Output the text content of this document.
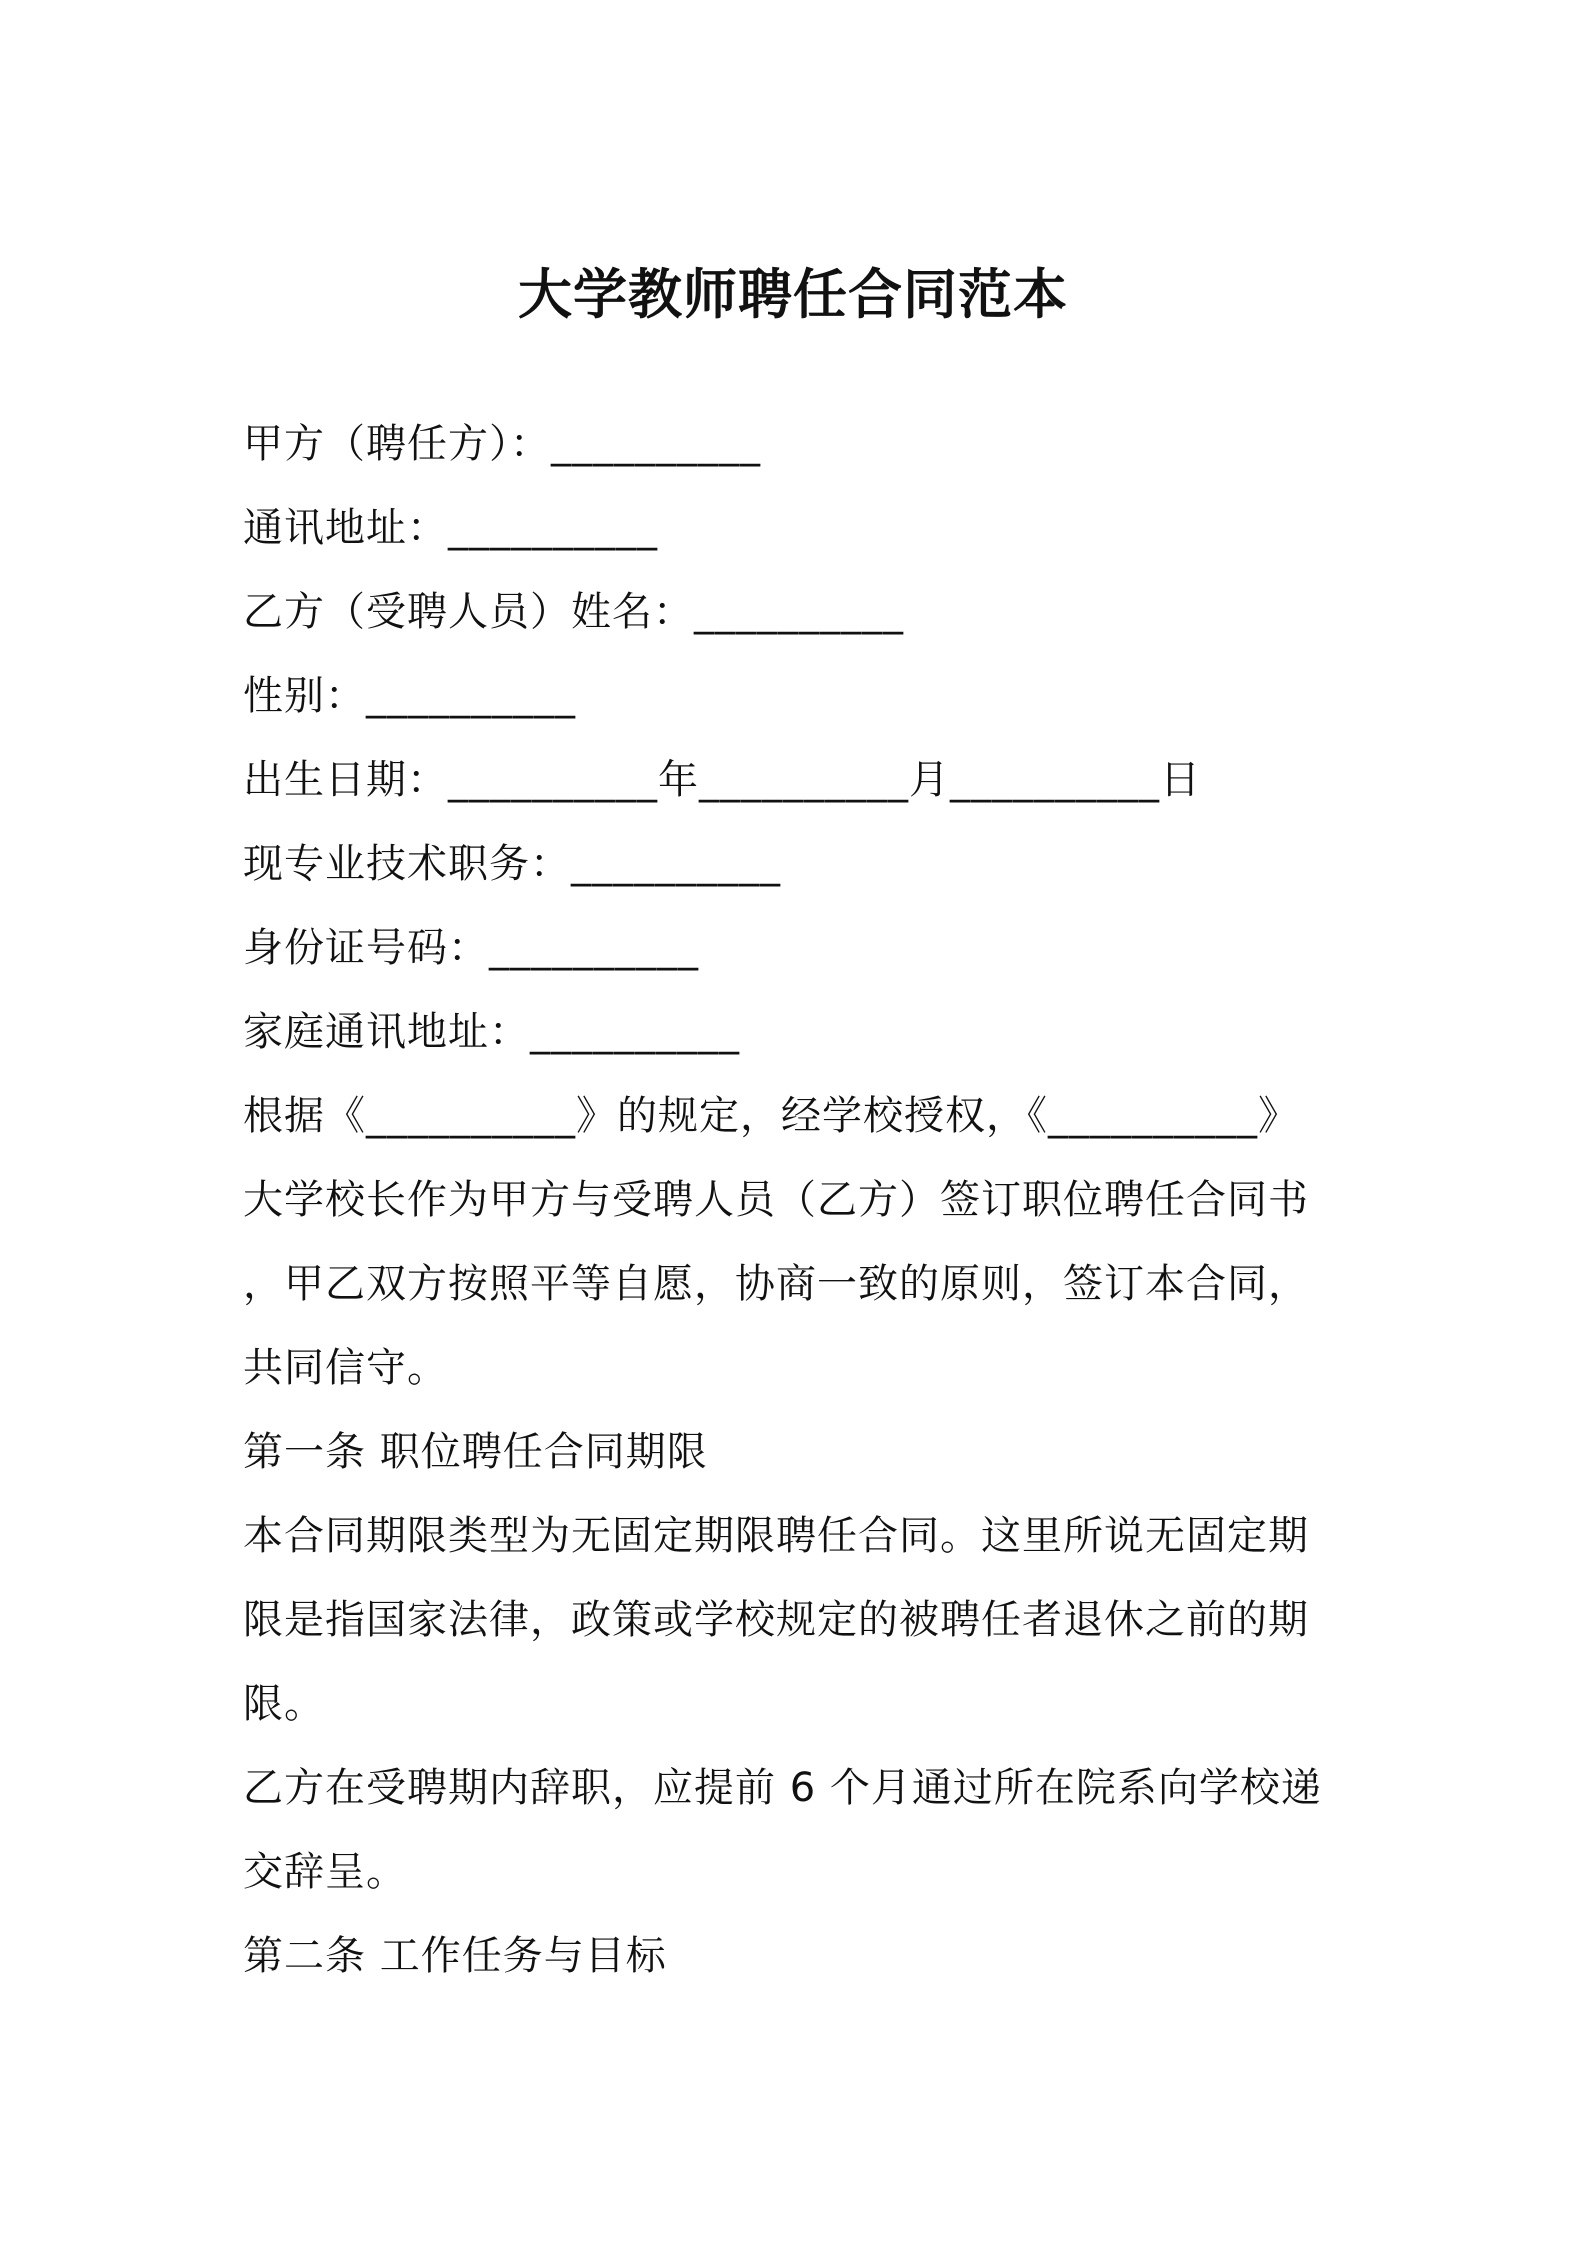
大学教师聘任合同范本
甲方（聘任方）：__________
通讯地址：__________
乙方（受聘人员）姓名：__________
性别：__________
出生日期：__________年__________月__________日
现专业技术职务：__________
身份证号码：__________
家庭通讯地址：__________
根据《__________》的规定，经学校授权，《__________》
大学校长作为甲方与受聘人员（乙方）签订职位聘任合同书
，甲乙双方按照平等自愿，协商一致的原则，签订本合同，
共同信守。
第一条 职位聘任合同期限
本合同期限类型为无固定期限聘任合同。这里所说无固定期
限是指国家法律，政策或学校规定的被聘任者退休之前的期
限。
乙方在受聘期内辞职，应提前 6 个月通过所在院系向学校递
交辞呈。
第二条 工作任务与目标
